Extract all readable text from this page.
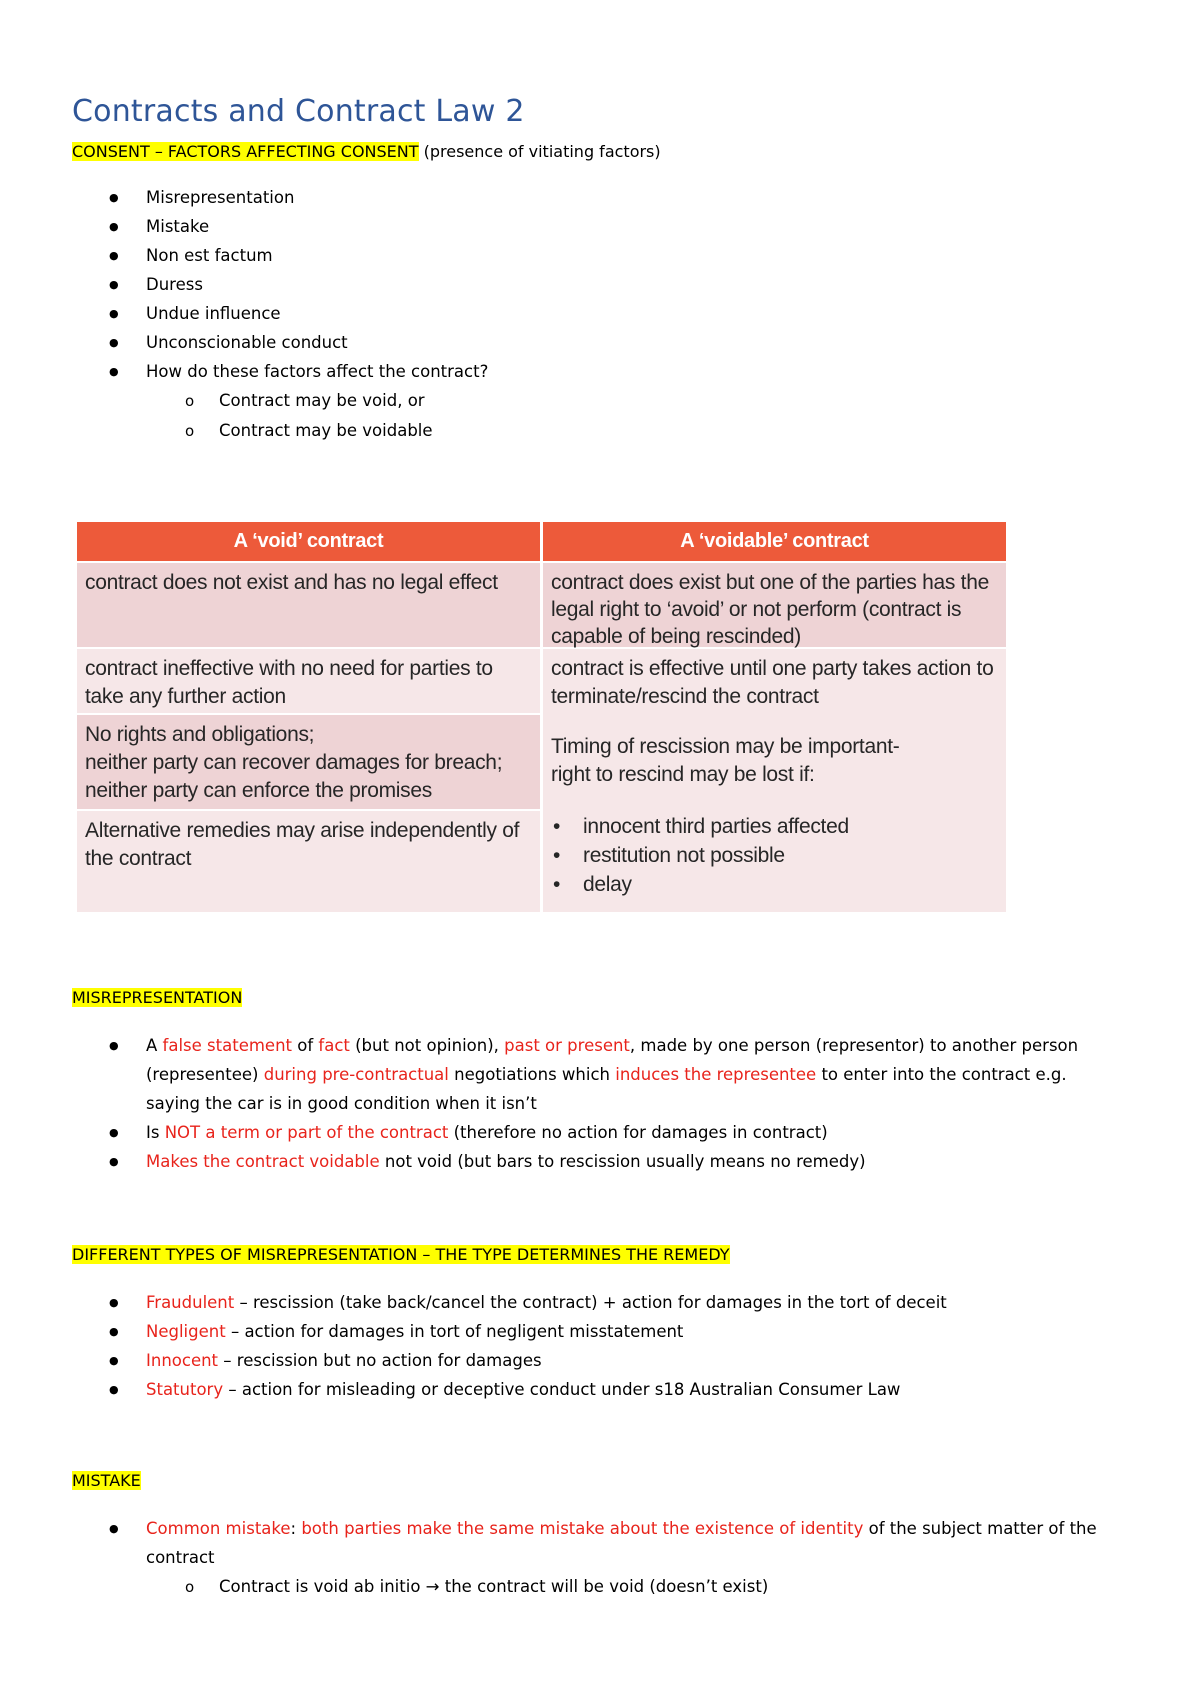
Contracts and Contract Law 2
CONSENT – FACTORS AFFECTING CONSENT (presence of vitiating factors)
● Misrepresentation
● Mistake
● Non est factum
● Duress
● Undue influence
● Unconscionable conduct
● How do these factors affect the contract?
o Contract may be void, or
o Contract may be voidable
A ‘void’ contract	A ‘voidable’ contract
contract does not exist and has no legal effect
contract ineffective with no need for parties to take any further action
No rights and obligations;
neither party can recover damages for breach;
neither party can enforce the promises
Alternative remedies may arise independently of the contract
contract does exist but one of the parties has the legal right to ‘avoid’ or not perform (contract is capable of being rescinded)
contract is effective until one party takes action to terminate/rescind the contract
Timing of rescission may be important-
right to rescind may be lost if:
• innocent third parties affected
• restitution not possible
• delay
MISREPRESENTATION
● A false statement of fact (but not opinion), past or present, made by one person (representor) to another person (representee) during pre-contractual negotiations which induces the representee to enter into the contract e.g. saying the car is in good condition when it isn’t
● Is NOT a term or part of the contract (therefore no action for damages in contract)
● Makes the contract voidable not void (but bars to rescission usually means no remedy)
DIFFERENT TYPES OF MISREPRESENTATION – THE TYPE DETERMINES THE REMEDY
● Fraudulent – rescission (take back/cancel the contract) + action for damages in the tort of deceit
● Negligent – action for damages in tort of negligent misstatement
● Innocent – rescission but no action for damages
● Statutory – action for misleading or deceptive conduct under s18 Australian Consumer Law
MISTAKE
● Common mistake: both parties make the same mistake about the existence of identity of the subject matter of the contract
o Contract is void ab initio → the contract will be void (doesn’t exist)
